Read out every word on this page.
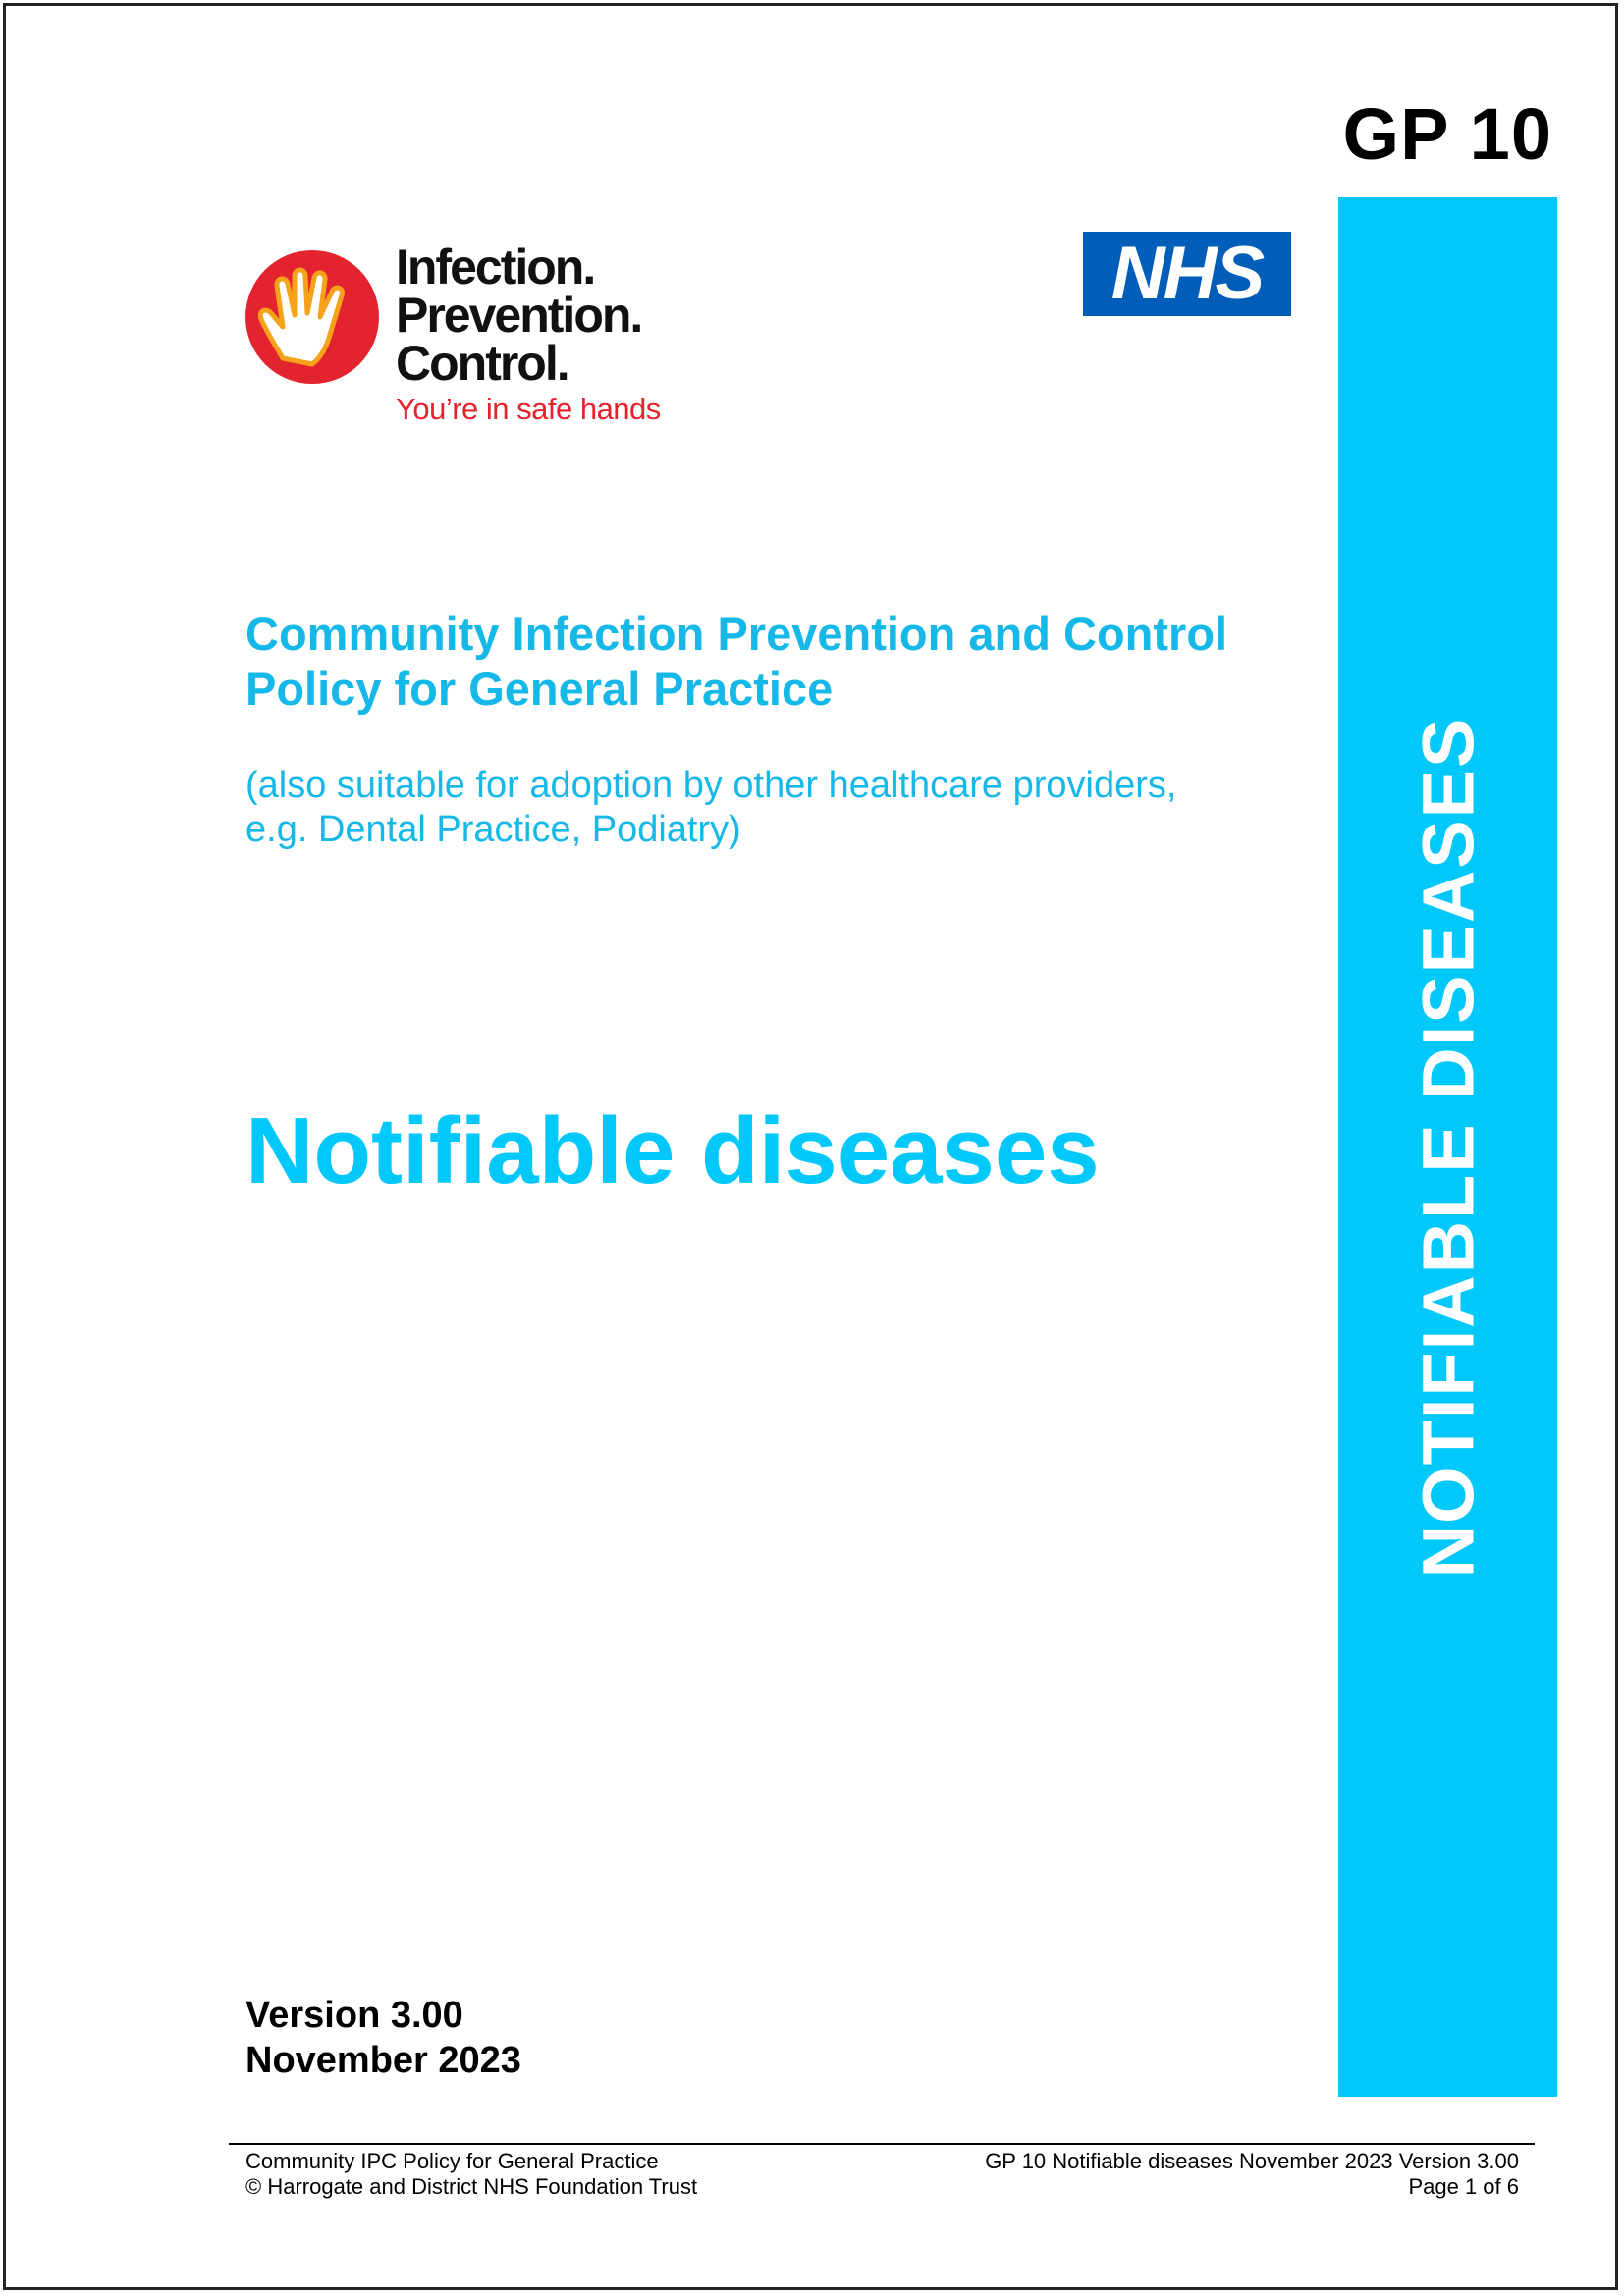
GP 10
NOTIFIABLE DISEASES
Infection.
Prevention.
Control.
You’re in safe hands
NHS
Community Infection Prevention and Control
Policy for General Practice

(also suitable for adoption by other healthcare providers,
e.g. Dental Practice, Podiatry)

Notifiable diseases
Version 3.00
November 2023
Community IPC Policy for General Practice
© Harrogate and District NHS Foundation Trust
GP 10 Notifiable diseases November 2023 Version 3.00
Page 1 of 6
